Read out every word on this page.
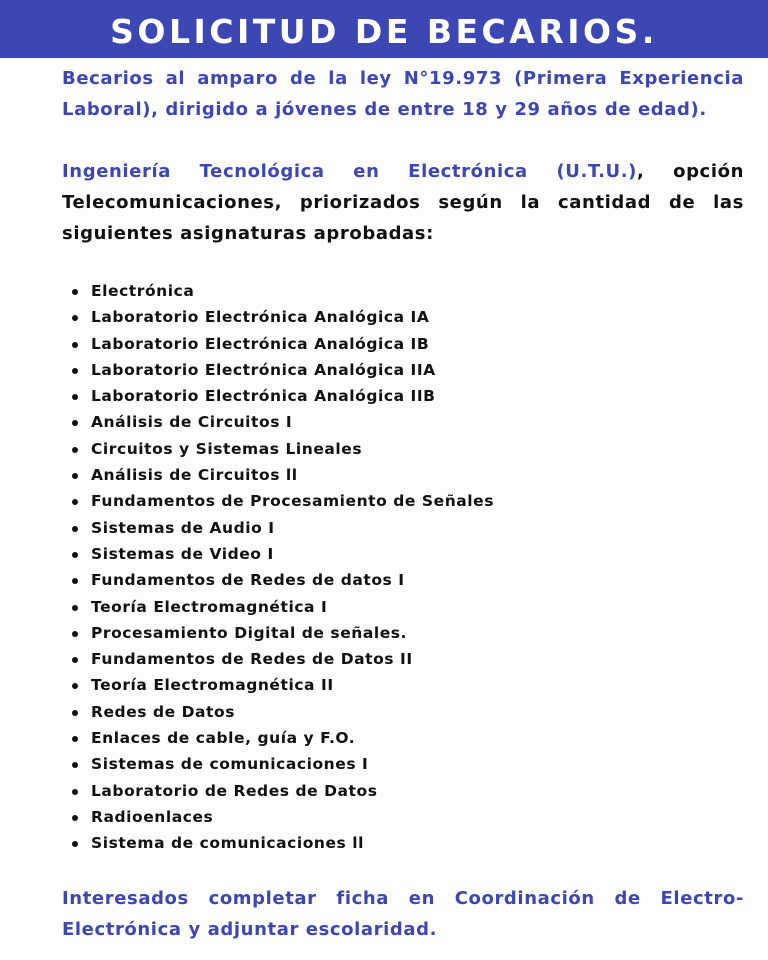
SOLICITUD DE BECARIOS.

Becarios al amparo de la ley N°19.973 (Primera Experiencia Laboral), dirigido a jóvenes de entre 18 y 29 años de edad).

Ingeniería Tecnológica en Electrónica (U.T.U.), opción Telecomunicaciones, priorizados según la cantidad de las siguientes asignaturas aprobadas:

Electrónica
Laboratorio Electrónica Analógica IA
Laboratorio Electrónica Analógica IB
Laboratorio Electrónica Analógica IIA
Laboratorio Electrónica Analógica IIB
Análisis de Circuitos I
Circuitos y Sistemas Lineales
Análisis de Circuitos ll
Fundamentos de Procesamiento de Señales
Sistemas de Audio I
Sistemas de Video I
Fundamentos de Redes de datos I
Teoría Electromagnética I
Procesamiento Digital de señales.
Fundamentos de Redes de Datos II
Teoría Electromagnética II
Redes de Datos
Enlaces de cable, guía y F.O.
Sistemas de comunicaciones I
Laboratorio de Redes de Datos
Radioenlaces
Sistema de comunicaciones ll

Interesados completar ficha en Coordinación de Electro-Electrónica y adjuntar escolaridad.
